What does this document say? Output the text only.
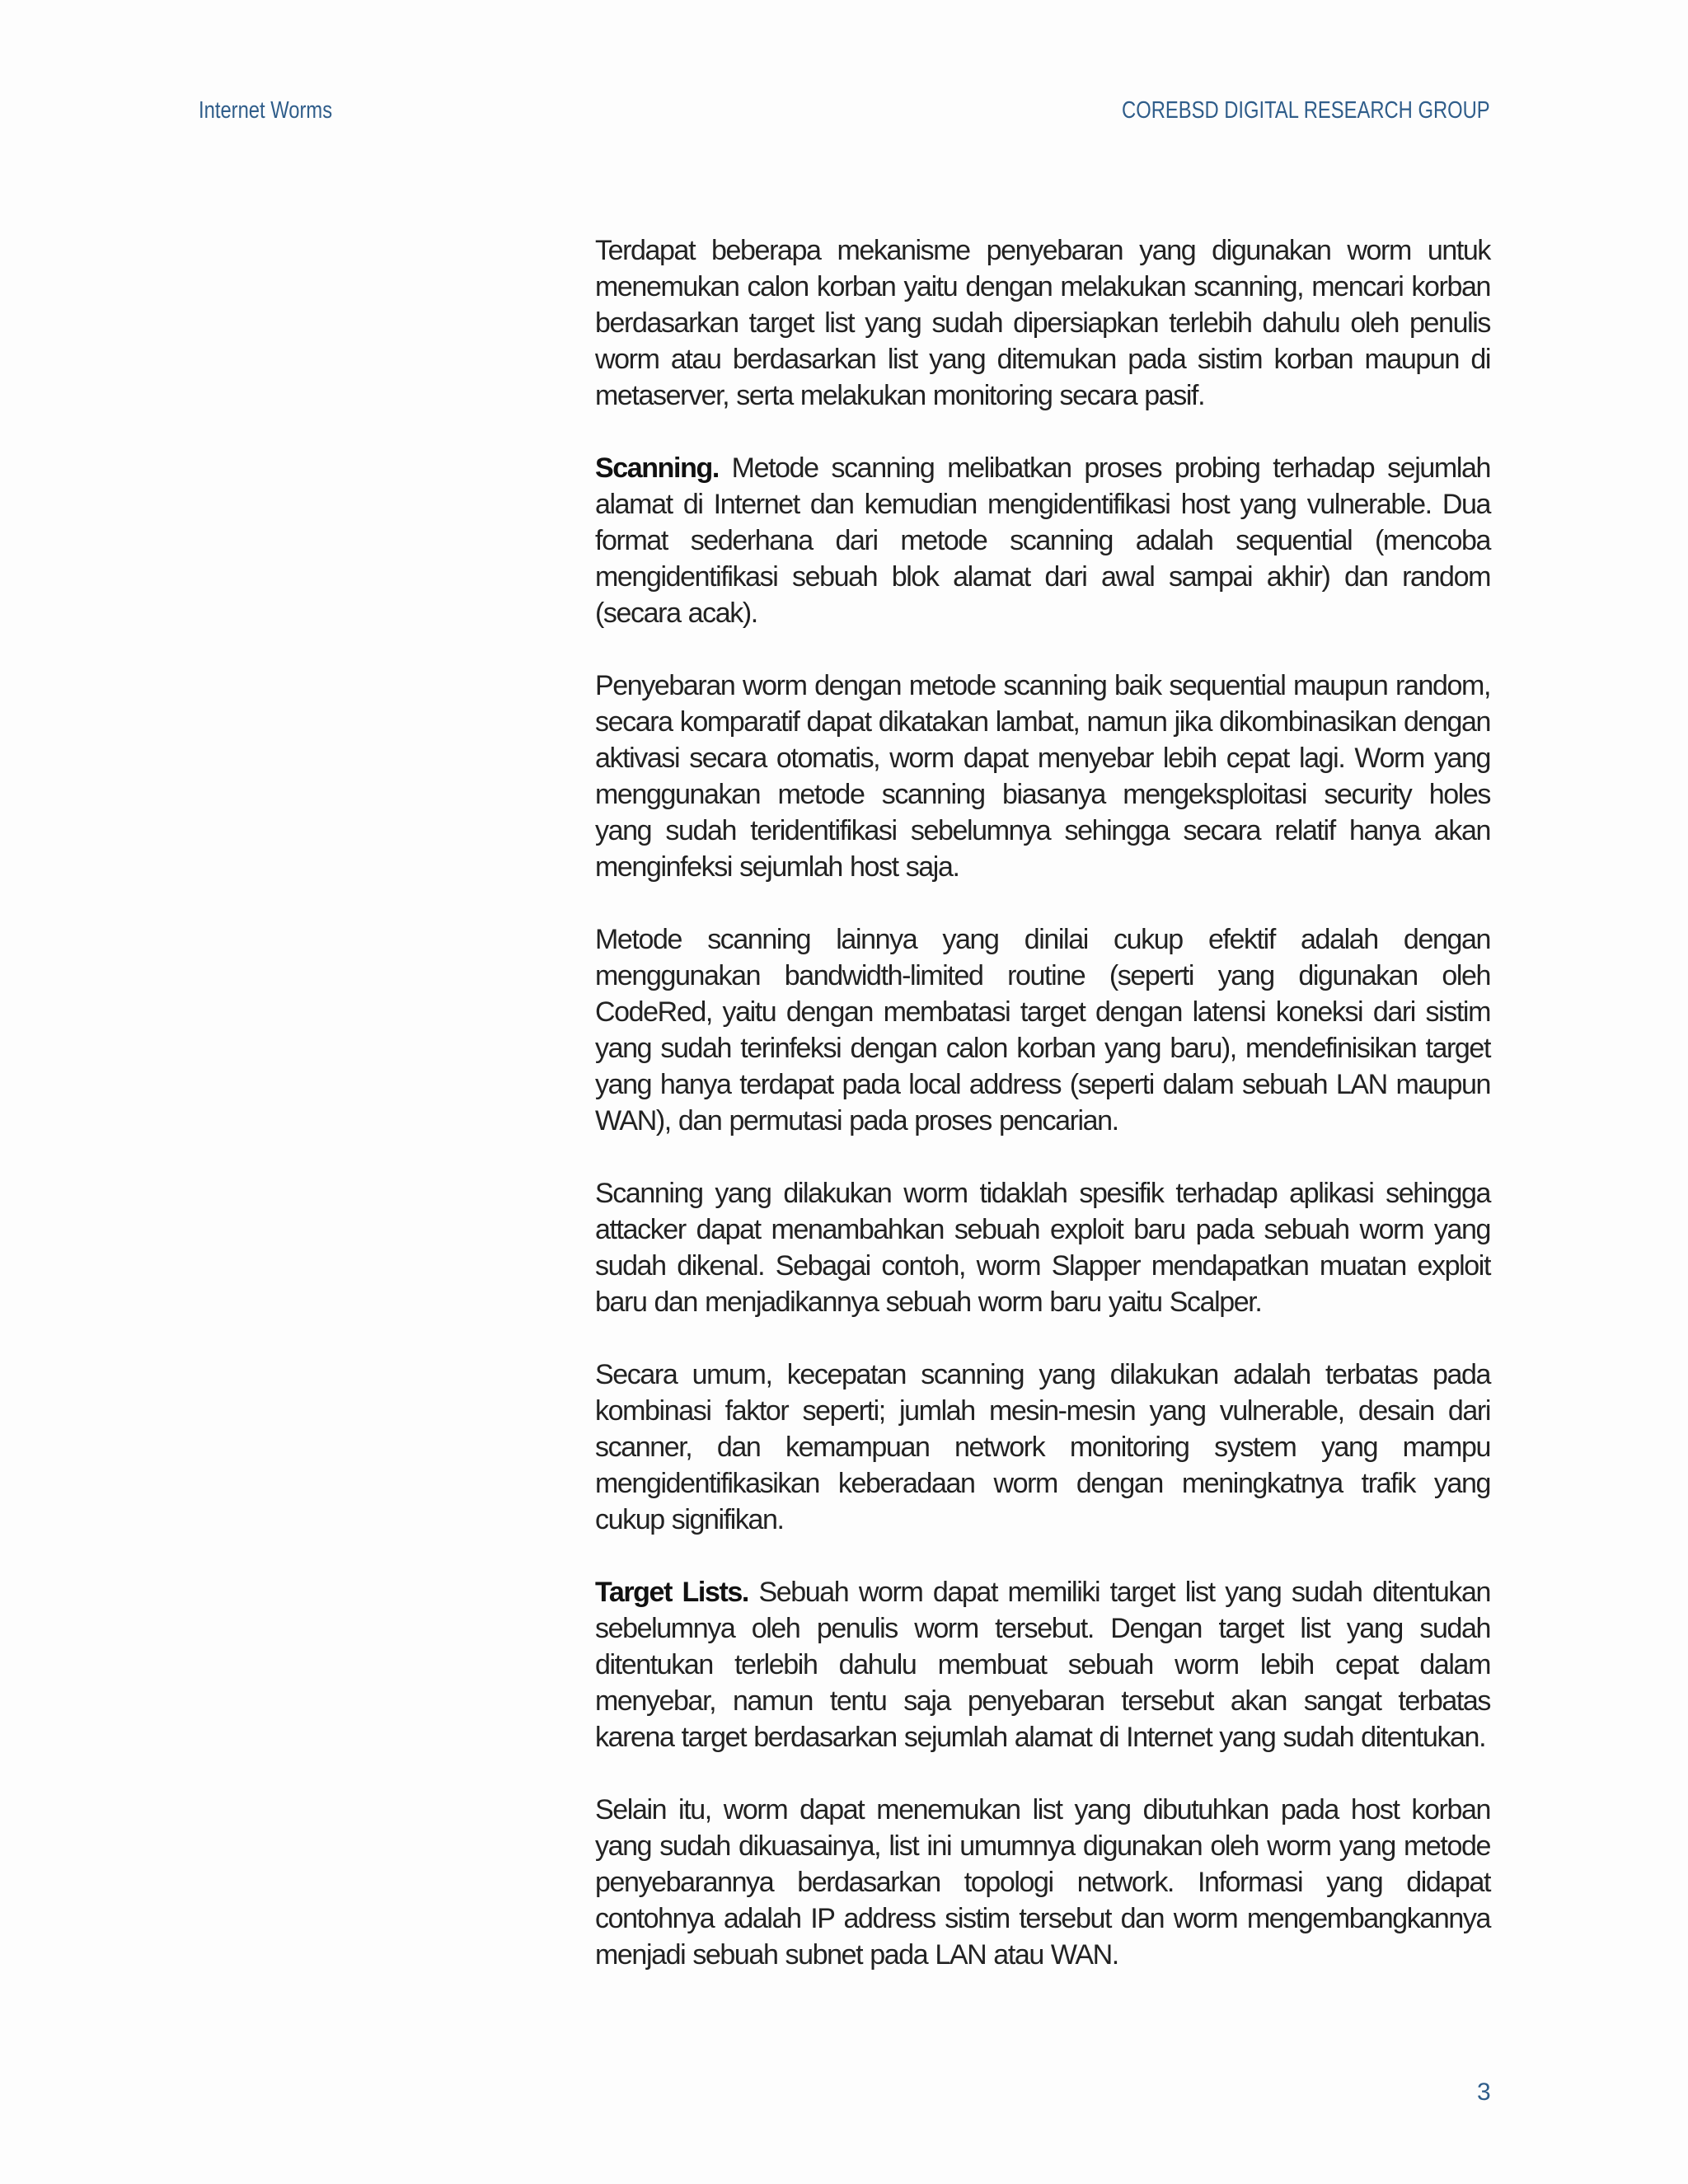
Internet Worms	COREBSD DIGITAL RESEARCH GROUP

Terdapat beberapa mekanisme penyebaran yang digunakan worm untuk menemukan calon korban yaitu dengan melakukan scanning, mencari korban berdasarkan target list yang sudah dipersiapkan terlebih dahulu oleh penulis worm atau berdasarkan list yang ditemukan pada sistim korban maupun di metaserver, serta melakukan monitoring secara pasif.

Scanning. Metode scanning melibatkan proses probing terhadap sejumlah alamat di Internet dan kemudian mengidentifikasi host yang vulnerable. Dua format sederhana dari metode scanning adalah sequential (mencoba mengidentifikasi sebuah blok alamat dari awal sampai akhir) dan random (secara acak).

Penyebaran worm dengan metode scanning baik sequential maupun random, secara komparatif dapat dikatakan lambat, namun jika dikombinasikan dengan aktivasi secara otomatis, worm dapat menyebar lebih cepat lagi. Worm yang menggunakan metode scanning biasanya mengeksploitasi security holes yang sudah teridentifikasi sebelumnya sehingga secara relatif hanya akan menginfeksi sejumlah host saja.

Metode scanning lainnya yang dinilai cukup efektif adalah dengan menggunakan bandwidth-limited routine (seperti yang digunakan oleh CodeRed, yaitu dengan membatasi target dengan latensi koneksi dari sistim yang sudah terinfeksi dengan calon korban yang baru), mendefinisikan target yang hanya terdapat pada local address (seperti dalam sebuah LAN maupun WAN), dan permutasi pada proses pencarian.

Scanning yang dilakukan worm tidaklah spesifik terhadap aplikasi sehingga attacker dapat menambahkan sebuah exploit baru pada sebuah worm yang sudah dikenal. Sebagai contoh, worm Slapper mendapatkan muatan exploit baru dan menjadikannya sebuah worm baru yaitu Scalper.

Secara umum, kecepatan scanning yang dilakukan adalah terbatas pada kombinasi faktor seperti; jumlah mesin-mesin yang vulnerable, desain dari scanner, dan kemampuan network monitoring system yang mampu mengidentifikasikan keberadaan worm dengan meningkatnya trafik yang cukup signifikan.

Target Lists. Sebuah worm dapat memiliki target list yang sudah ditentukan sebelumnya oleh penulis worm tersebut. Dengan target list yang sudah ditentukan terlebih dahulu membuat sebuah worm lebih cepat dalam menyebar, namun tentu saja penyebaran tersebut akan sangat terbatas karena target berdasarkan sejumlah alamat di Internet yang sudah ditentukan.

Selain itu, worm dapat menemukan list yang dibutuhkan pada host korban yang sudah dikuasainya, list ini umumnya digunakan oleh worm yang metode penyebarannya berdasarkan topologi network. Informasi yang didapat contohnya adalah IP address sistim tersebut dan worm mengembangkannya menjadi sebuah subnet pada LAN atau WAN.

3
